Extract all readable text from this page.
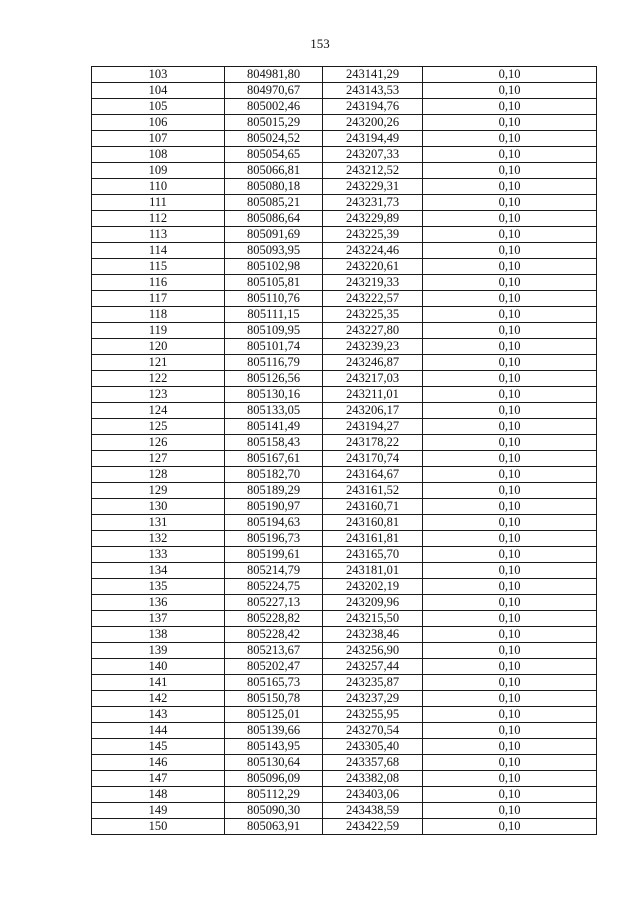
153
103	804981,80	243141,29	0,10
104	804970,67	243143,53	0,10
105	805002,46	243194,76	0,10
106	805015,29	243200,26	0,10
107	805024,52	243194,49	0,10
108	805054,65	243207,33	0,10
109	805066,81	243212,52	0,10
110	805080,18	243229,31	0,10
111	805085,21	243231,73	0,10
112	805086,64	243229,89	0,10
113	805091,69	243225,39	0,10
114	805093,95	243224,46	0,10
115	805102,98	243220,61	0,10
116	805105,81	243219,33	0,10
117	805110,76	243222,57	0,10
118	805111,15	243225,35	0,10
119	805109,95	243227,80	0,10
120	805101,74	243239,23	0,10
121	805116,79	243246,87	0,10
122	805126,56	243217,03	0,10
123	805130,16	243211,01	0,10
124	805133,05	243206,17	0,10
125	805141,49	243194,27	0,10
126	805158,43	243178,22	0,10
127	805167,61	243170,74	0,10
128	805182,70	243164,67	0,10
129	805189,29	243161,52	0,10
130	805190,97	243160,71	0,10
131	805194,63	243160,81	0,10
132	805196,73	243161,81	0,10
133	805199,61	243165,70	0,10
134	805214,79	243181,01	0,10
135	805224,75	243202,19	0,10
136	805227,13	243209,96	0,10
137	805228,82	243215,50	0,10
138	805228,42	243238,46	0,10
139	805213,67	243256,90	0,10
140	805202,47	243257,44	0,10
141	805165,73	243235,87	0,10
142	805150,78	243237,29	0,10
143	805125,01	243255,95	0,10
144	805139,66	243270,54	0,10
145	805143,95	243305,40	0,10
146	805130,64	243357,68	0,10
147	805096,09	243382,08	0,10
148	805112,29	243403,06	0,10
149	805090,30	243438,59	0,10
150	805063,91	243422,59	0,10
